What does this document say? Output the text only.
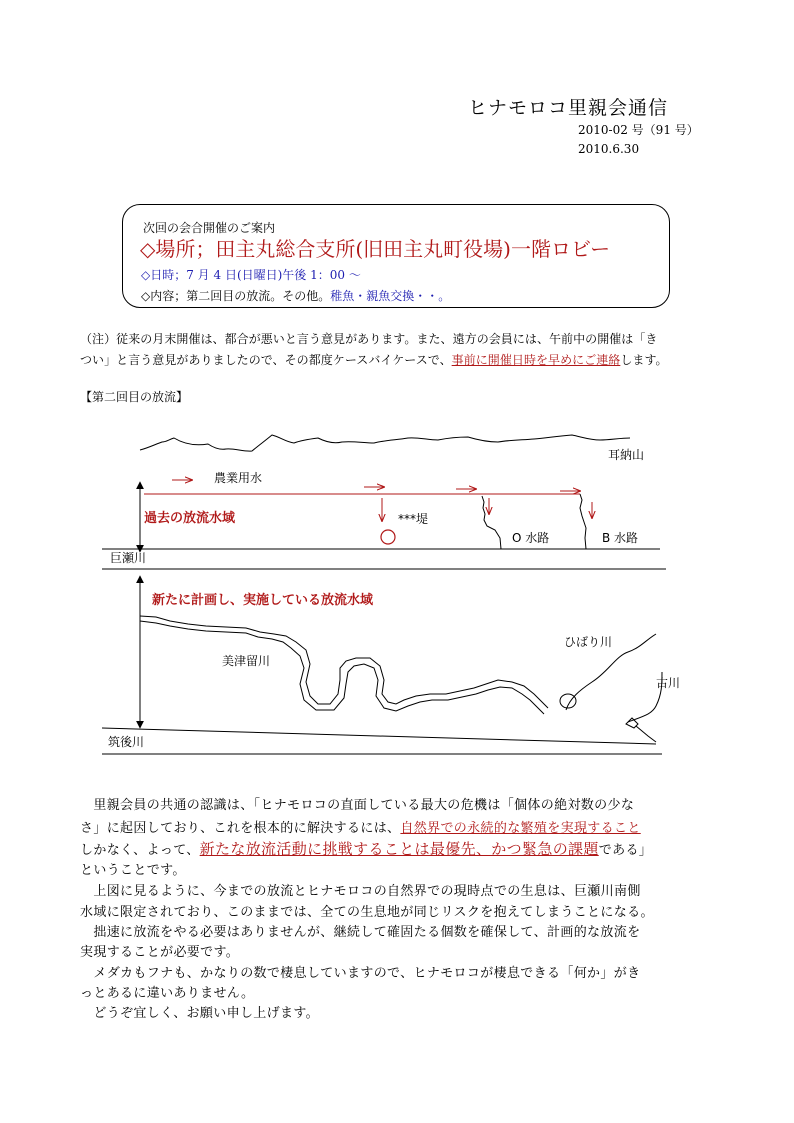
ヒナモロコ里親会通信
2010-02 号（91 号）
2010.6.30
次回の会合開催のご案内
◇場所；田主丸総合支所(旧田主丸町役場)一階ロビー
◇日時；7 月 4 日(日曜日)午後 1：00 ～
◇内容；第二回目の放流。その他。稚魚・親魚交換・・。
（注）従来の月末開催は、都合が悪いと言う意見があります。また、遠方の会員には、午前中の開催は「き
つい」と言う意見がありましたので、その都度ケースバイケースで、事前に開催日時を早めにご連絡します。
【第二回目の放流】
耳納山
農業用水
***堤
O 水路	B 水路
過去の放流水域
巨瀬川
新たに計画し、実施している放流水域
美津留川
ひばり川
古川
筑後川
　里親会員の共通の認識は、「ヒナモロコの直面している最大の危機は「個体の絶対数の少な
さ」に起因しており、これを根本的に解決するには、自然界での永続的な繁殖を実現すること
しかなく、よって、新たな放流活動に挑戦することは最優先、かつ緊急の課題である」
ということです。
　上図に見るように、今までの放流とヒナモロコの自然界での現時点での生息は、巨瀬川南側
水域に限定されており、このままでは、全ての生息地が同じリスクを抱えてしまうことになる。
　拙速に放流をやる必要はありませんが、継続して確固たる個数を確保して、計画的な放流を
実現することが必要です。
　メダカもフナも、かなりの数で棲息していますので、ヒナモロコが棲息できる「何か」がき
っとあるに違いありません。
　どうぞ宜しく、お願い申し上げます。
